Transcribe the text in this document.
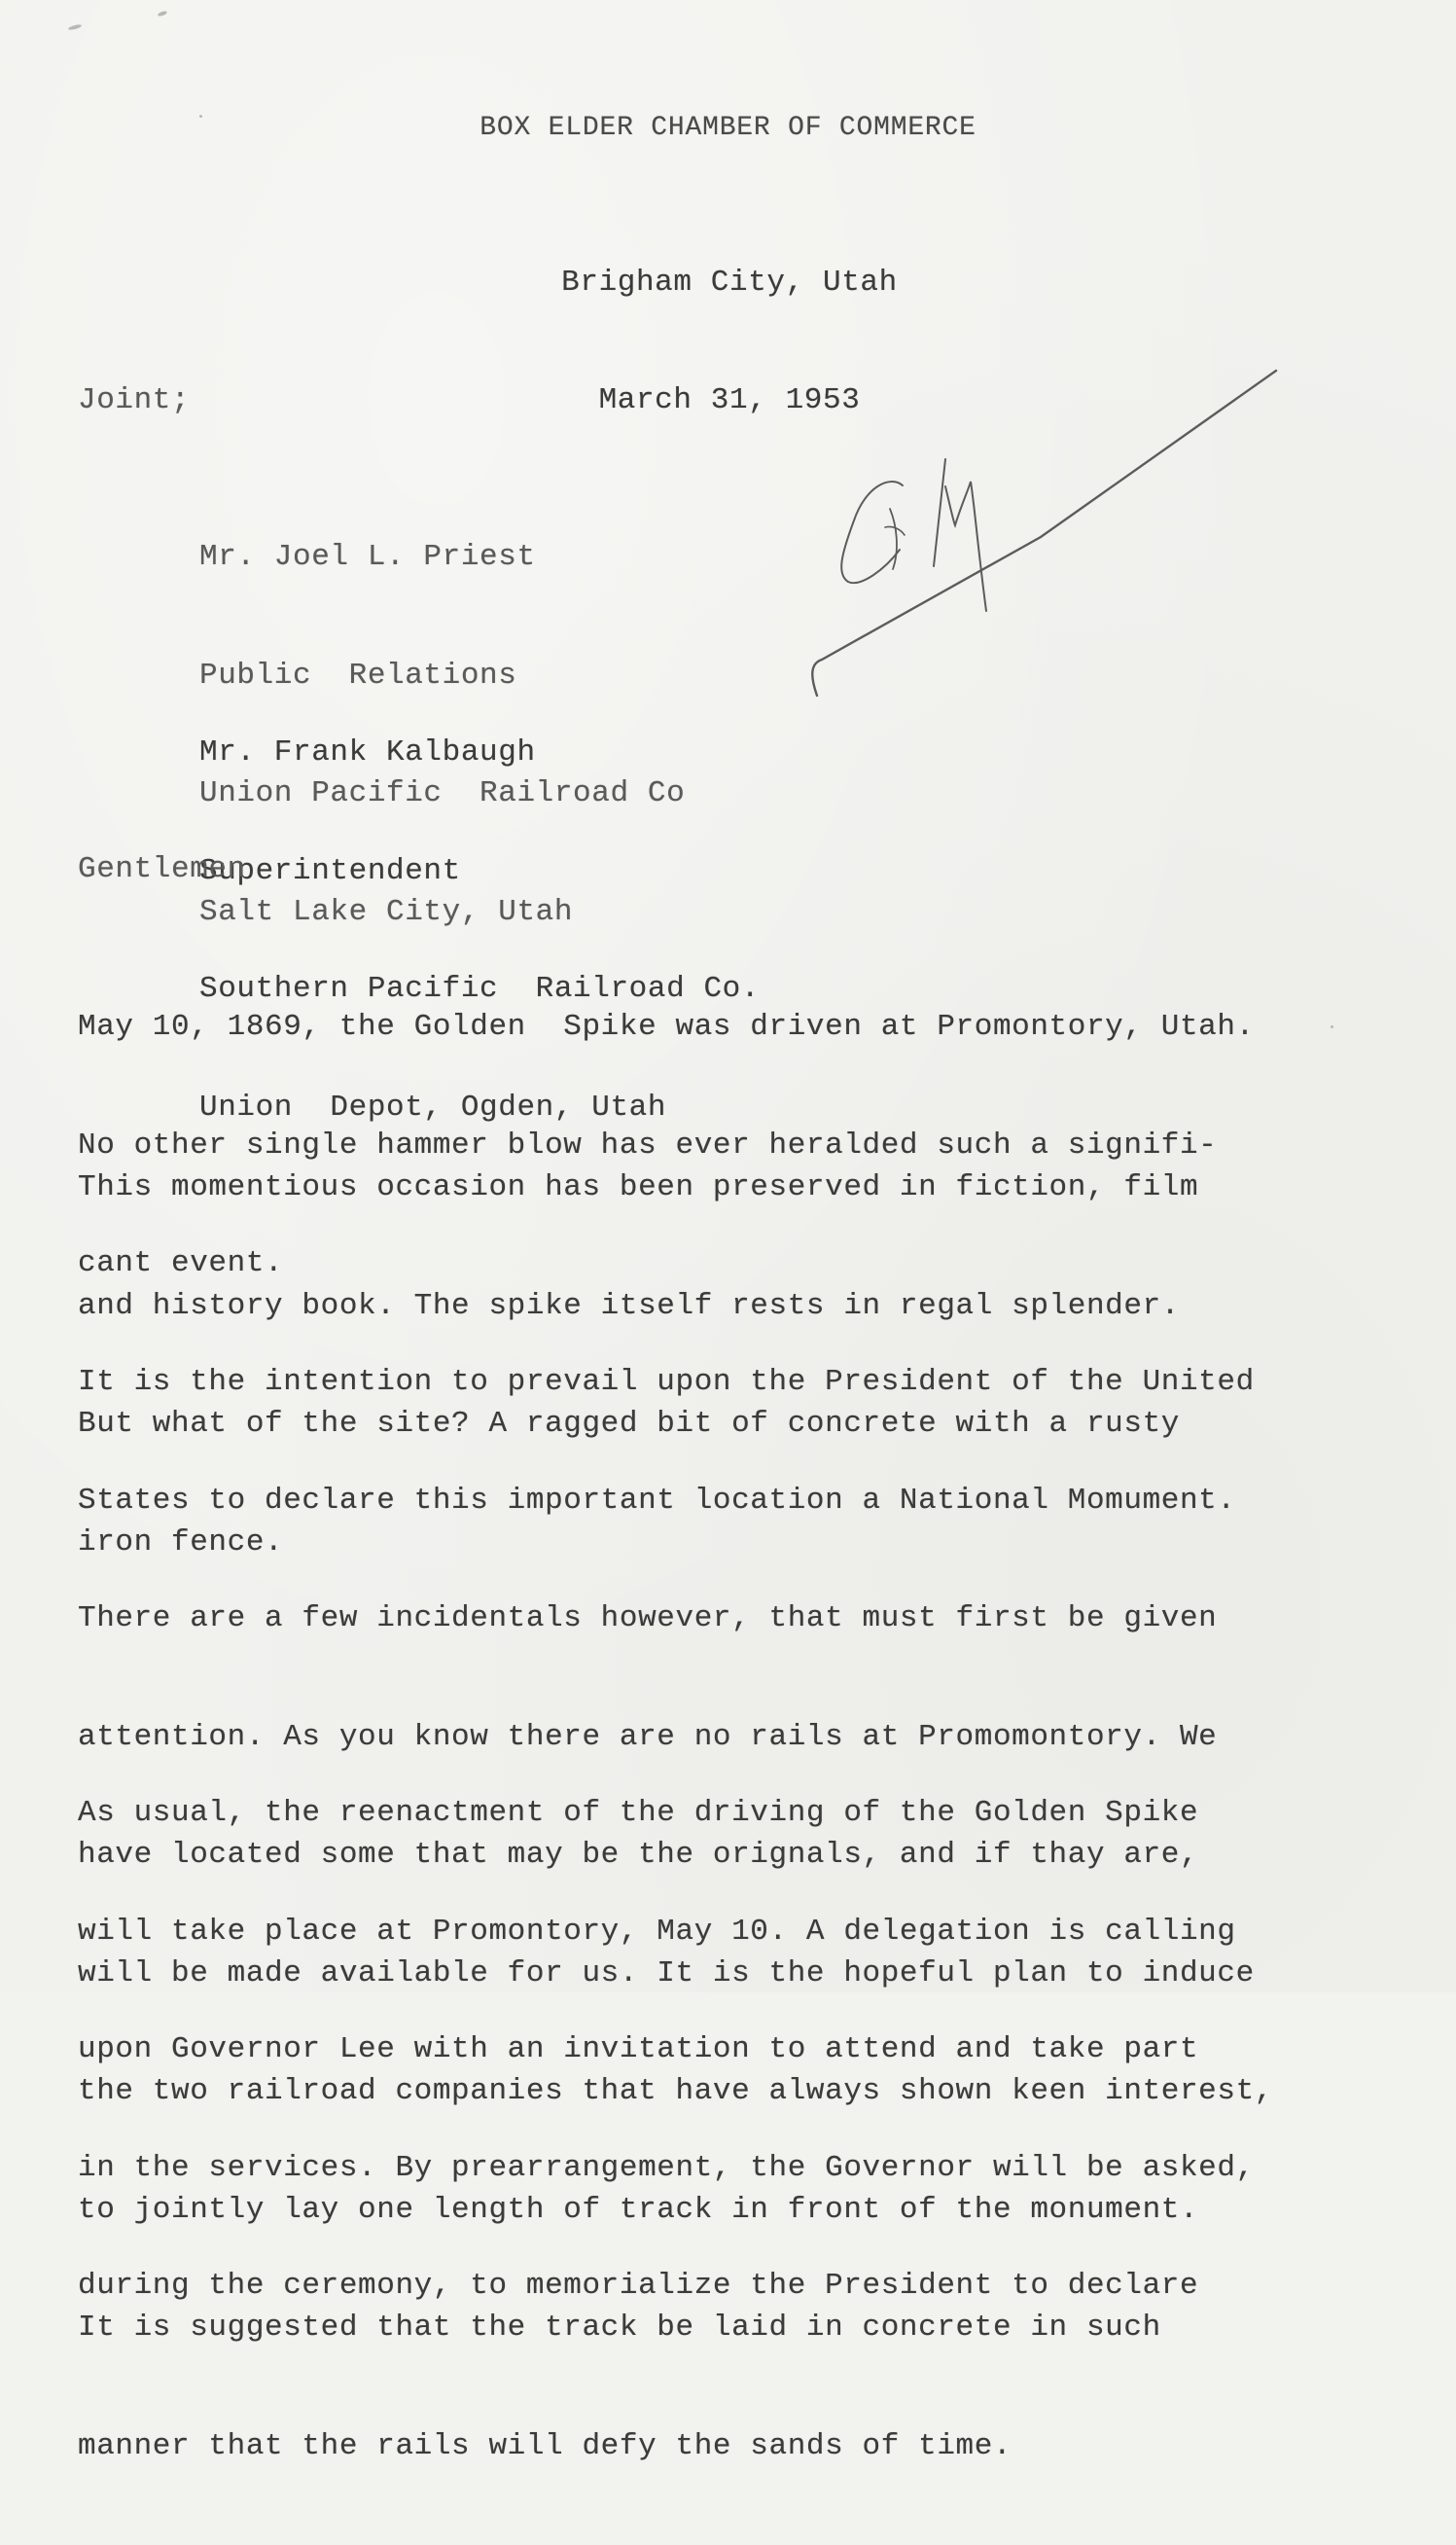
BOX ELDER CHAMBER OF COMMERCE

Brigham City, Utah

March 31, 1953

Joint;

Mr. Joel L. Priest

Public  Relations

Union Pacific  Railroad Co

Salt Lake City, Utah

Mr. Frank Kalbaugh

Superintendent

Southern Pacific  Railroad Co.

Union  Depot, Ogden, Utah

Gentlemen

May 10, 1869, the Golden  Spike was driven at Promontory, Utah.

No other single hammer blow has ever heralded such a signifi-

cant event.

This momentious occasion has been preserved in fiction, film

and history book. The spike itself rests in regal splender.

But what of the site? A ragged bit of concrete with a rusty

iron fence.

It is the intention to prevail upon the President of the United

States to declare this important location a National Momument.

There are a few incidentals however, that must first be given

attention. As you know there are no rails at Promomontory. We

have located some that may be the orignals, and if thay are,

will be made available for us. It is the hopeful plan to induce

the two railroad companies that have always shown keen interest,

to jointly lay one length of track in front of the monument.

It is suggested that the track be laid in concrete in such

manner that the rails will defy the sands of time.

As usual, the reenactment of the driving of the Golden Spike

will take place at Promontory, May 10. A delegation is calling

upon Governor Lee with an invitation to attend and take part

in the services. By prearrangement, the Governor will be asked,

during the ceremony, to memorialize the President to declare
